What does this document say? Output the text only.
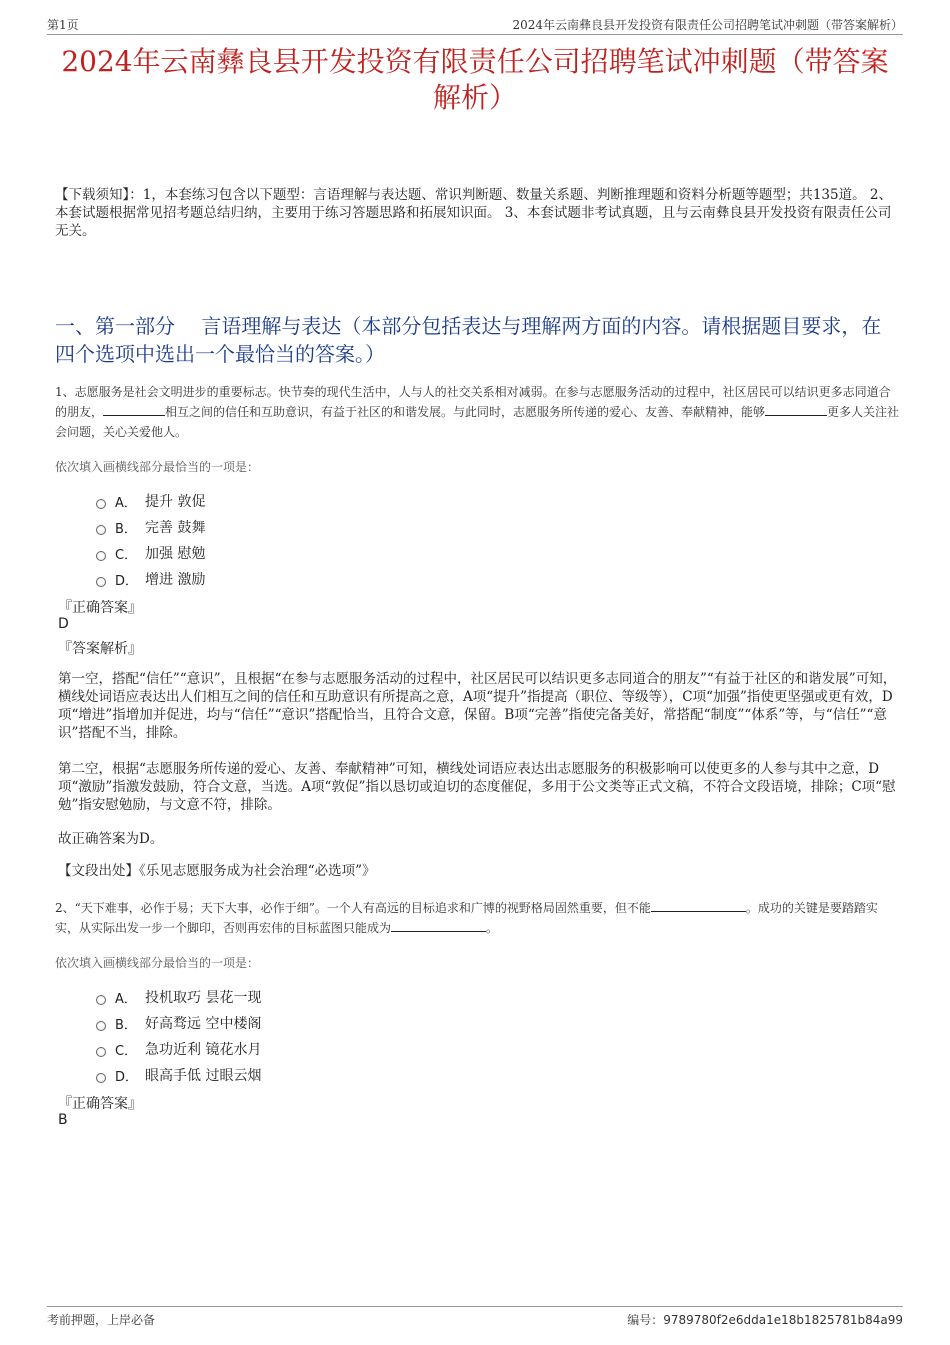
第1页	2024年云南彝良县开发投资有限责任公司招聘笔试冲刺题（带答案解析）
2024年云南彝良县开发投资有限责任公司招聘笔试冲刺题（带答案解析）
【下载须知】：1，本套练习包含以下题型：言语理解与表达题、常识判断题、数量关系题、判断推理题和资料分析题等题型；共135道。 2、本套试题根据常见招考题总结归纳，主要用于练习答题思路和拓展知识面。 3、本套试题非考试真题，且与云南彝良县开发投资有限责任公司无关。
一、第一部分　 言语理解与表达（本部分包括表达与理解两方面的内容。请根据题目要求，在四个选项中选出一个最恰当的答案。）
1、志愿服务是社会文明进步的重要标志。快节奏的现代生活中，人与人的社交关系相对减弱。在参与志愿服务活动的过程中，社区居民可以结识更多志同道合的朋友，	相互之间的信任和互助意识，有益于社区的和谐发展。与此同时，志愿服务所传递的爱心、友善、奉献精神，能够	更多人关注社会问题，关心关爱他人。
依次填入画横线部分最恰当的一项是：
A． 提升 敦促
B． 完善 鼓舞
C． 加强 慰勉
D． 增进 激励
『正确答案』
D
『答案解析』
第一空，搭配“信任”“意识”，且根据“在参与志愿服务活动的过程中，社区居民可以结识更多志同道合的朋友”“有益于社区的和谐发展”可知，横线处词语应表达出人们相互之间的信任和互助意识有所提高之意，A项“提升”指提高（职位、等级等），C项“加强”指使更坚强或更有效，D项“增进”指增加并促进，均与“信任”“意识”搭配恰当，且符合文意，保留。B项“完善”指使完备美好，常搭配“制度”“体系”等，与“信任”“意识”搭配不当，排除。
第二空，根据“志愿服务所传递的爱心、友善、奉献精神”可知，横线处词语应表达出志愿服务的积极影响可以使更多的人参与其中之意，D项“激励”指激发鼓励，符合文意，当选。A项“敦促”指以恳切或迫切的态度催促，多用于公文类等正式文稿，不符合文段语境，排除；C项“慰勉”指安慰勉励，与文意不符，排除。
故正确答案为D。
【文段出处】《乐见志愿服务成为社会治理“必选项”》
2、“天下难事，必作于易；天下大事，必作于细”。一个人有高远的目标追求和广博的视野格局固然重要，但不能	。成功的关键是要踏踏实实，从实际出发一步一个脚印，否则再宏伟的目标蓝图只能成为	。
依次填入画横线部分最恰当的一项是：
A． 投机取巧 昙花一现
B． 好高骛远 空中楼阁
C． 急功近利 镜花水月
D． 眼高手低 过眼云烟
『正确答案』
B
考前押题，上岸必备	编号：9789780f2e6dda1e18b1825781b84a99
